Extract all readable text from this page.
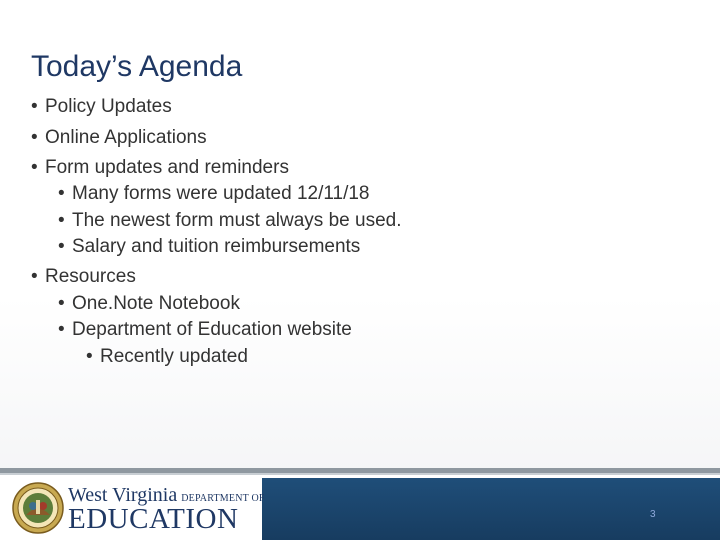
Today’s Agenda
• Policy Updates
• Online Applications
• Form updates and reminders
• Many forms were updated 12/11/18
• The newest form must always be used.
• Salary and tuition reimbursements
• Resources
• One.Note Notebook
• Department of Education website
• Recently updated
West Virginia DEPARTMENT OF
EDUCATION	3
